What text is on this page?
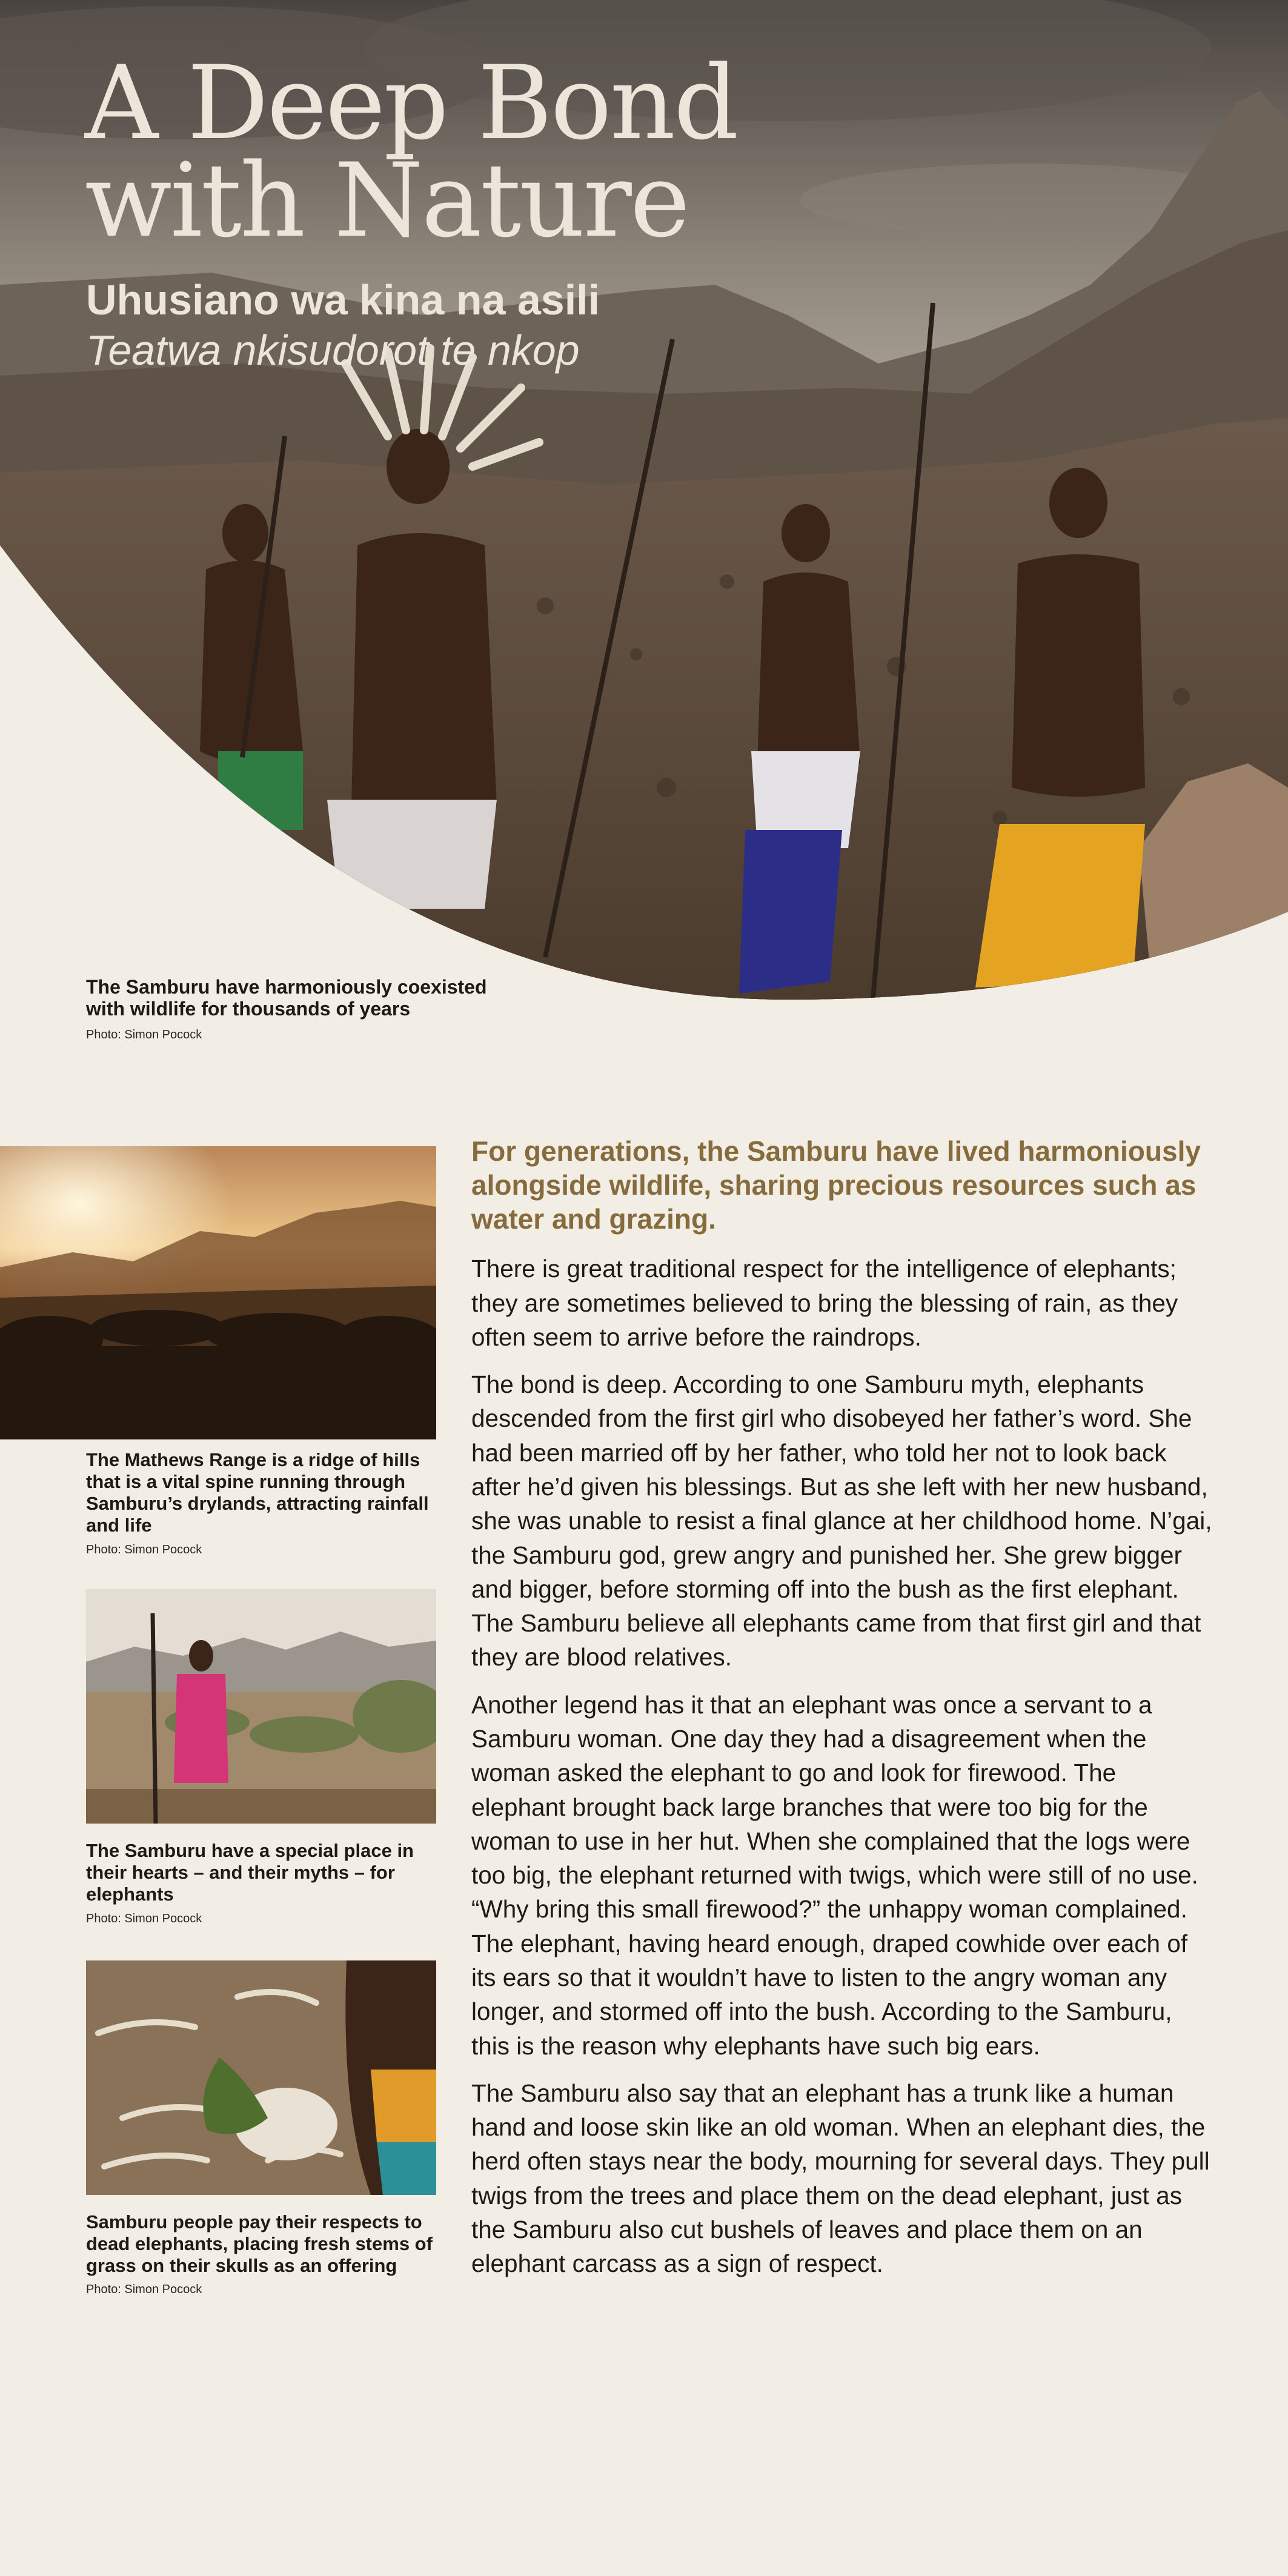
A Deep Bond
with Nature
Uhusiano wa kina na asili
Teatwa nkisudorot te nkop
The Samburu have harmoniously coexisted with wildlife for thousands of years
Photo: Simon Pocock
The Mathews Range is a ridge of hills that is a vital spine running through Samburu’s drylands, attracting rainfall and life
Photo: Simon Pocock
The Samburu have a special place in their hearts – and their myths – for elephants
Photo: Simon Pocock
Samburu people pay their respects to dead elephants, placing fresh stems of grass on their skulls as an offering
Photo: Simon Pocock

For generations, the Samburu have lived harmoniously alongside wildlife, sharing precious resources such as water and grazing.

There is great traditional respect for the intelligence of elephants; they are sometimes believed to bring the blessing of rain, as they often seem to arrive before the raindrops.

The bond is deep. According to one Samburu myth, elephants descended from the first girl who disobeyed her father’s word. She had been married off by her father, who told her not to look back after he’d given his blessings. But as she left with her new husband, she was unable to resist a final glance at her childhood home. N’gai, the Samburu god, grew angry and punished her. She grew bigger and bigger, before storming off into the bush as the first elephant. The Samburu believe all elephants came from that first girl and that they are blood relatives.

Another legend has it that an elephant was once a servant to a Samburu woman. One day they had a disagreement when the woman asked the elephant to go and look for firewood. The elephant brought back large branches that were too big for the woman to use in her hut. When she complained that the logs were too big, the elephant returned with twigs, which were still of no use. “Why bring this small firewood?” the unhappy woman complained. The elephant, having heard enough, draped cowhide over each of its ears so that it wouldn’t have to listen to the angry woman any longer, and stormed off into the bush. According to the Samburu, this is the reason why elephants have such big ears.

The Samburu also say that an elephant has a trunk like a human hand and loose skin like an old woman. When an elephant dies, the herd often stays near the body, mourning for several days. They pull twigs from the trees and place them on the dead elephant, just as the Samburu also cut bushels of leaves and place them on an elephant carcass as a sign of respect.
